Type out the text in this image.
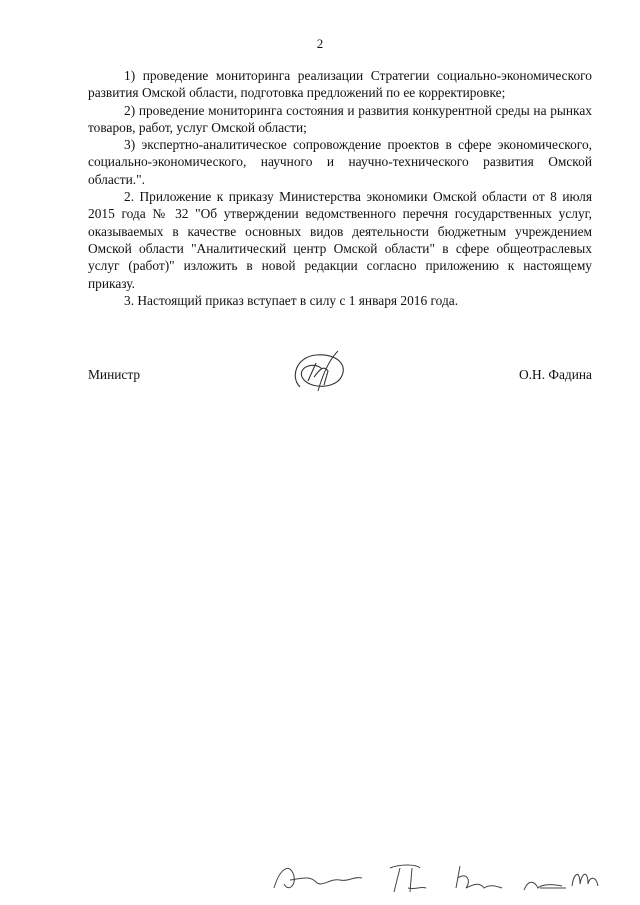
2

1) проведение мониторинга реализации Стратегии социально-экономического развития Омской области, подготовка предложений по ее корректировке;

2) проведение мониторинга состояния и развития конкурентной среды на рынках товаров, работ, услуг Омской области;

3) экспертно-аналитическое сопровождение проектов в сфере экономического, социально-экономического, научного и научно-технического развития Омской области.".

2. Приложение к приказу Министерства экономики Омской области от 8 июля 2015 года № 32 "Об утверждении ведомственного перечня государственных услуг, оказываемых в качестве основных видов деятельности бюджетным учреждением Омской области "Аналитический центр Омской области" в сфере общеотраслевых услуг (работ)" изложить в новой редакции согласно приложению к настоящему приказу.

3. Настоящий приказ вступает в силу с 1 января 2016 года.

Министр	О.Н. Фадина
